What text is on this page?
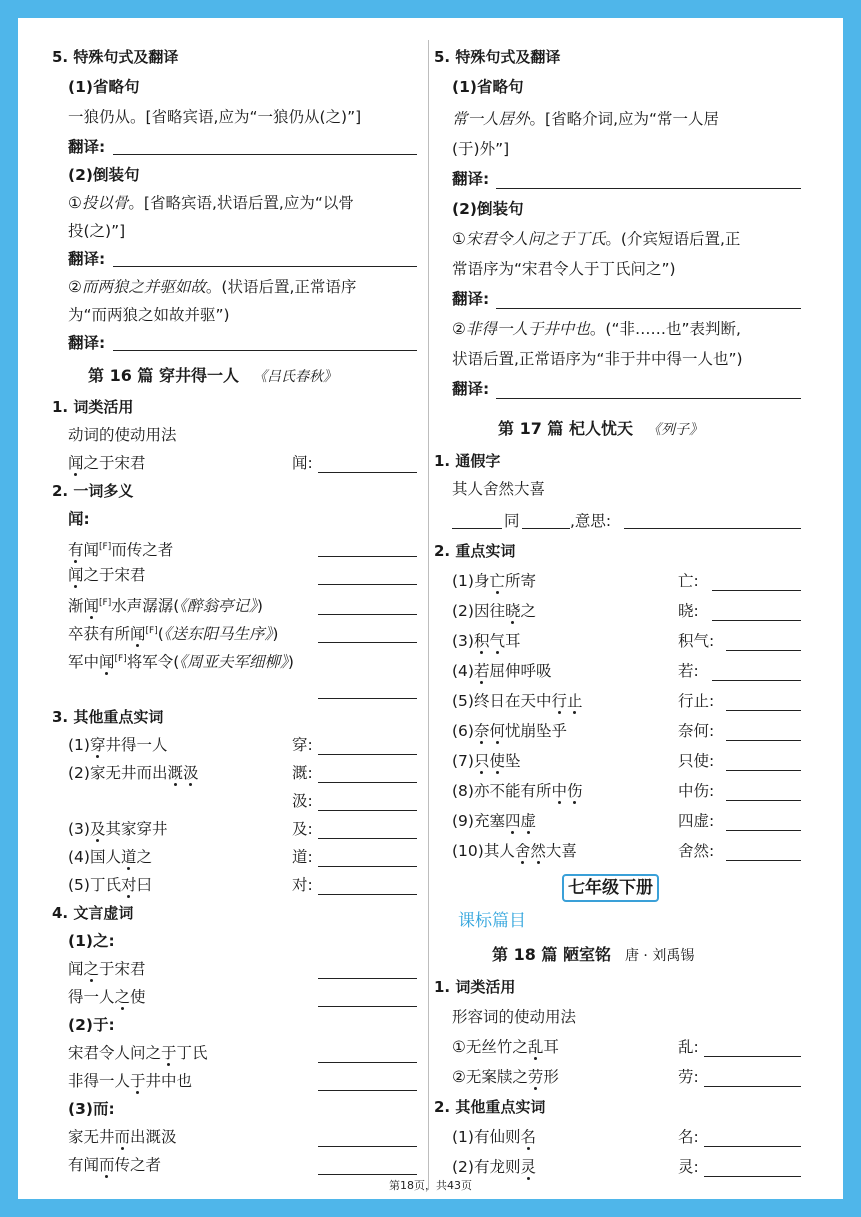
5. 特殊句式及翻译
(1)省略句
一狼仍从。[省略宾语,应为“一狼仍从(之)”]
翻译:
(2)倒装句
①投以骨。[省略宾语,状语后置,应为“以骨
投(之)”]
翻译:
②而两狼之并驱如故。(状语后置,正常语序
为“而两狼之如故并驱”)
翻译:
第 16 篇 穿井得一人 《吕氏春秋》
1. 词类活用
动词的使动用法
闻之于宋君	闻:
2. 一词多义
闻:
有闻[F]而传之者
闻之于宋君
渐闻[F]水声潺潺(《醉翁亭记》)
卒获有所闻[F](《送东阳马生序》)
军中闻[F]将军令(《周亚夫军细柳》)
3. 其他重点实词
(1)穿井得一人	穿:
(2)家无井而出溉汲	溉:
汲:
(3)及其家穿井	及:
(4)国人道之	道:
(5)丁氏对曰	对:
4. 文言虚词
(1)之:
闻之于宋君
得一人之使
(2)于:
宋君令人问之于丁氏
非得一人于井中也
(3)而:
家无井而出溉汲
有闻而传之者
5. 特殊句式及翻译
(1)省略句
常一人居外。[省略介词,应为“常一人居
(于)外”]
翻译:
(2)倒装句
①宋君令人问之于丁氏。(介宾短语后置,正
常语序为“宋君令人于丁氏问之”)
翻译:
②非得一人于井中也。(“非……也”表判断,
状语后置,正常语序为“非于井中得一人也”)
翻译:
第 17 篇 杞人忧天 《列子》
1. 通假字
其人舍然大喜
同	,意思:
2. 重点实词
(1)身亡所寄	亡:
(2)因往晓之	晓:
(3)积气耳	积气:
(4)若屈伸呼吸	若:
(5)终日在天中行止	行止:
(6)奈何忧崩坠乎	奈何:
(7)只使坠	只使:
(8)亦不能有所中伤	中伤:
(9)充塞四虚	四虚:
(10)其人舍然大喜	舍然:
七年级下册
课标篇目
第 18 篇 陋室铭 唐 · 刘禹锡
1. 词类活用
形容词的使动用法
①无丝竹之乱耳	乱:
②无案牍之劳形	劳:
2. 其他重点实词
(1)有仙则名	名:
(2)有龙则灵	灵:
第18页，共43页
